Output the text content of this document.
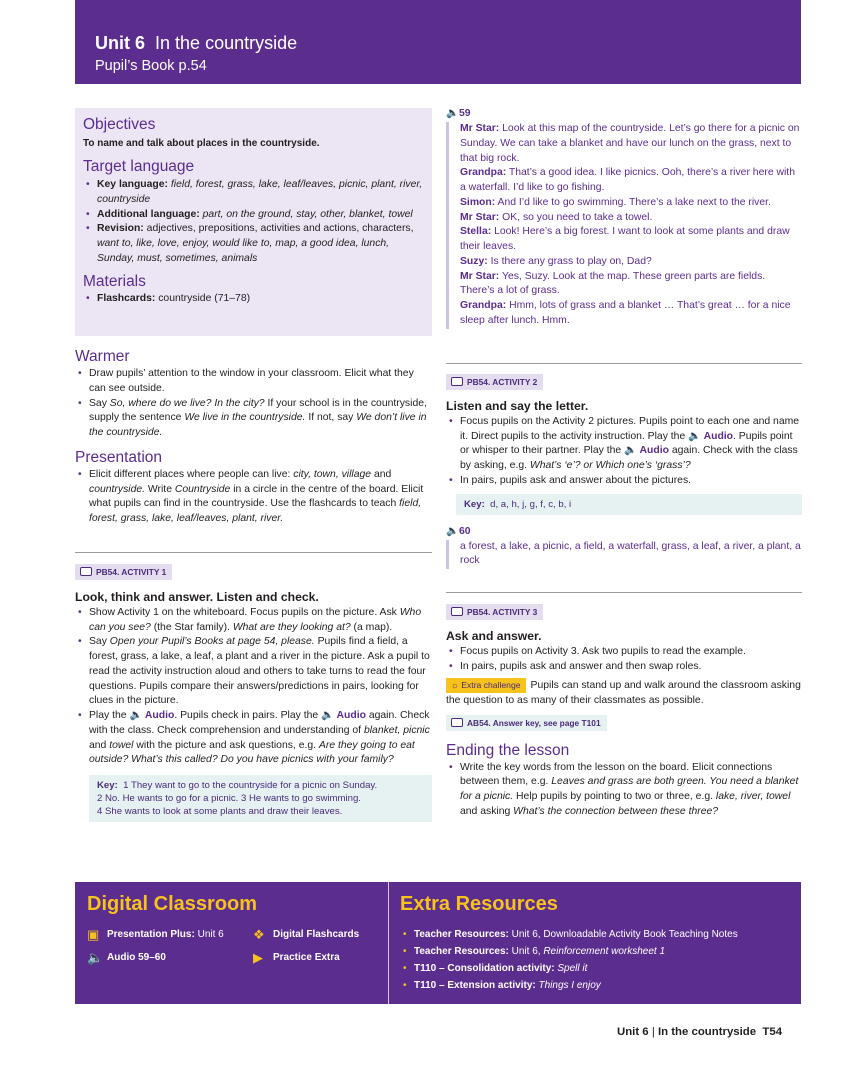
Unit 6 In the countryside
Pupil’s Book p.54
Objectives
To name and talk about places in the countryside.
Target language
• Key language: field, forest, grass, lake, leaf/leaves, picnic, plant, river, countryside
• Additional language: part, on the ground, stay, other, blanket, towel
• Revision: adjectives, prepositions, activities and actions, characters, want to, like, love, enjoy, would like to, map, a good idea, lunch, Sunday, must, sometimes, animals
Materials
• Flashcards: countryside (71–78)
Warmer
• Draw pupils’ attention to the window in your classroom. Elicit what they can see outside.
• Say So, where do we live? In the city? If your school is in the countryside, supply the sentence We live in the countryside. If not, say We don’t live in the countryside.
Presentation
• Elicit different places where people can live: city, town, village and countryside. Write Countryside in a circle in the centre of the board. Elicit what pupils can find in the countryside. Use the flashcards to teach field, forest, grass, lake, leaf/leaves, plant, river.
PB54. ACTIVITY 1
Look, think and answer. Listen and check.
• Show Activity 1 on the whiteboard. Focus pupils on the picture. Ask Who can you see? (the Star family). What are they looking at? (a map).
• Say Open your Pupil’s Books at page 54, please. Pupils find a field, a forest, grass, a lake, a leaf, a plant and a river in the picture. Ask a pupil to read the activity instruction aloud and others to take turns to read the four questions. Pupils compare their answers/predictions in pairs, looking for clues in the picture.
• Play the 🔈 Audio. Pupils check in pairs. Play the 🔈 Audio again. Check with the class. Check comprehension and understanding of blanket, picnic and towel with the picture and ask questions, e.g. Are they going to eat outside? What’s this called? Do you have picnics with your family?
Key: 1 They want to go to the countryside for a picnic on Sunday.
2 No. He wants to go for a picnic. 3 He wants to go swimming.
4 She wants to look at some plants and draw their leaves.
🔈59

Mr Star: Look at this map of the countryside. Let’s go there for a picnic on Sunday. We can take a blanket and have our lunch on the grass, next to that big rock.

Grandpa: That’s a good idea. I like picnics. Ooh, there’s a river here with a waterfall. I’d like to go fishing.

Simon: And I’d like to go swimming. There’s a lake next to the river.

Mr Star: OK, so you need to take a towel.

Stella: Look! Here’s a big forest. I want to look at some plants and draw their leaves.

Suzy: Is there any grass to play on, Dad?

Mr Star: Yes, Suzy. Look at the map. These green parts are fields. There’s a lot of grass.

Grandpa: Hmm, lots of grass and a blanket … That’s great … for a nice sleep after lunch. Hmm.

PB54. ACTIVITY 2
Listen and say the letter.
• Focus pupils on the Activity 2 pictures. Pupils point to each one and name it. Direct pupils to the activity instruction. Play the 🔈 Audio. Pupils point or whisper to their partner. Play the 🔈 Audio again. Check with the class by asking, e.g. What’s ‘e’? or Which one’s ‘grass’?
• In pairs, pupils ask and answer about the pictures.
Key: d, a, h, j, g, f, c, b, i
🔈60
a forest, a lake, a picnic, a field, a waterfall, grass, a leaf, a river, a plant, a rock
PB54. ACTIVITY 3
Ask and answer.
• Focus pupils on Activity 3. Ask two pupils to read the example.
• In pairs, pupils ask and answer and then swap roles.
☼ Extra challenge Pupils can stand up and walk around the classroom asking the question to as many of their classmates as possible.
AB54. Answer key, see page T101
Ending the lesson
• Write the key words from the lesson on the board. Elicit connections between them, e.g. Leaves and grass are both green. You need a blanket for a picnic. Help pupils by pointing to two or three, e.g. lake, river, towel and asking What’s the connection between these three?
Digital Classroom
▣ Presentation Plus: Unit 6 ❖ Digital Flashcards
🔈 Audio 59–60	▶ Practice Extra
Extra Resources
• Teacher Resources: Unit 6, Downloadable Activity Book Teaching Notes
• Teacher Resources: Unit 6, Reinforcement worksheet 1
• T110 – Consolidation activity: Spell it
• T110 – Extension activity: Things I enjoy
Unit 6 | In the countryside T54
